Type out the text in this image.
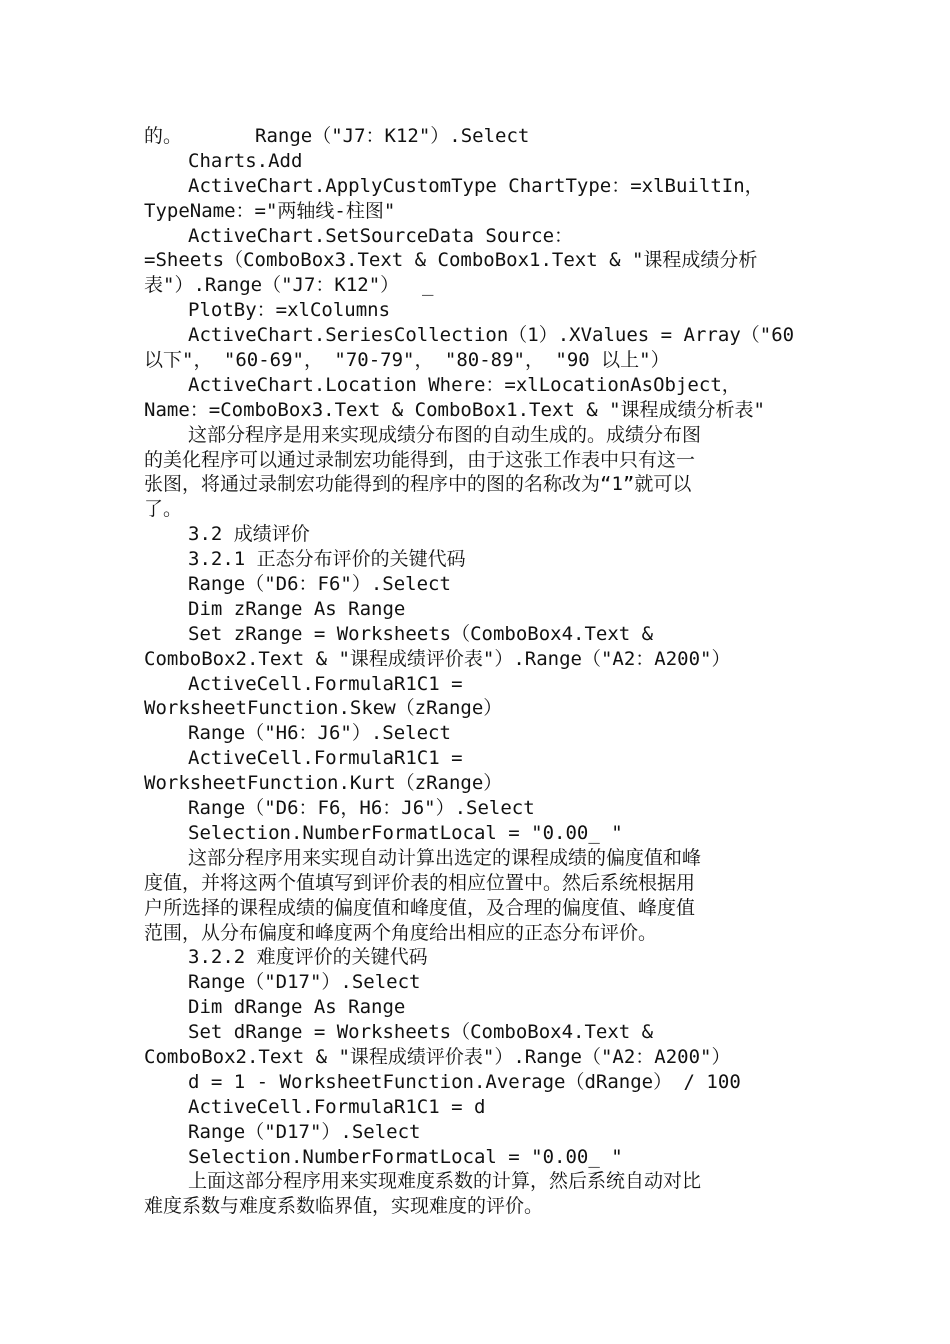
的。	Range（"J7：K12"）.Select
Charts.Add
ActiveChart.ApplyCustomType ChartType：=xlBuiltIn，
TypeName：="两轴线-柱图"
ActiveChart.SetSourceData Source：
=Sheets（ComboBox3.Text & ComboBox1.Text & "课程成绩分析
表"）.Range（"J7：K12"）  _
PlotBy：=xlColumns
ActiveChart.SeriesCollection（1）.XValues = Array（"60
以下"， "60-69"， "70-79"， "80-89"， "90 以上"）
ActiveChart.Location Where：=xlLocationAsObject，
Name：=ComboBox3.Text & ComboBox1.Text & "课程成绩分析表"
这部分程序是用来实现成绩分布图的自动生成的。成绩分布图
的美化程序可以通过录制宏功能得到，由于这张工作表中只有这一
张图，将通过录制宏功能得到的程序中的图的名称改为“1”就可以
了。
3.2 成绩评价
3.2.1 正态分布评价的关键代码
Range（"D6：F6"）.Select
Dim zRange As Range
Set zRange = Worksheets（ComboBox4.Text &
ComboBox2.Text & "课程成绩评价表"）.Range（"A2：A200"）
ActiveCell.FormulaR1C1 =
WorksheetFunction.Skew（zRange）
Range（"H6：J6"）.Select
ActiveCell.FormulaR1C1 =
WorksheetFunction.Kurt（zRange）
Range（"D6：F6，H6：J6"）.Select
Selection.NumberFormatLocal = "0.00_ "
这部分程序用来实现自动计算出选定的课程成绩的偏度值和峰
度值，并将这两个值填写到评价表的相应位置中。然后系统根据用
户所选择的课程成绩的偏度值和峰度值，及合理的偏度值、峰度值
范围，从分布偏度和峰度两个角度给出相应的正态分布评价。
3.2.2 难度评价的关键代码
Range（"D17"）.Select
Dim dRange As Range
Set dRange = Worksheets（ComboBox4.Text &
ComboBox2.Text & "课程成绩评价表"）.Range（"A2：A200"）
d = 1 - WorksheetFunction.Average（dRange） / 100
ActiveCell.FormulaR1C1 = d
Range（"D17"）.Select
Selection.NumberFormatLocal = "0.00_ "
上面这部分程序用来实现难度系数的计算，然后系统自动对比
难度系数与难度系数临界值，实现难度的评价。
